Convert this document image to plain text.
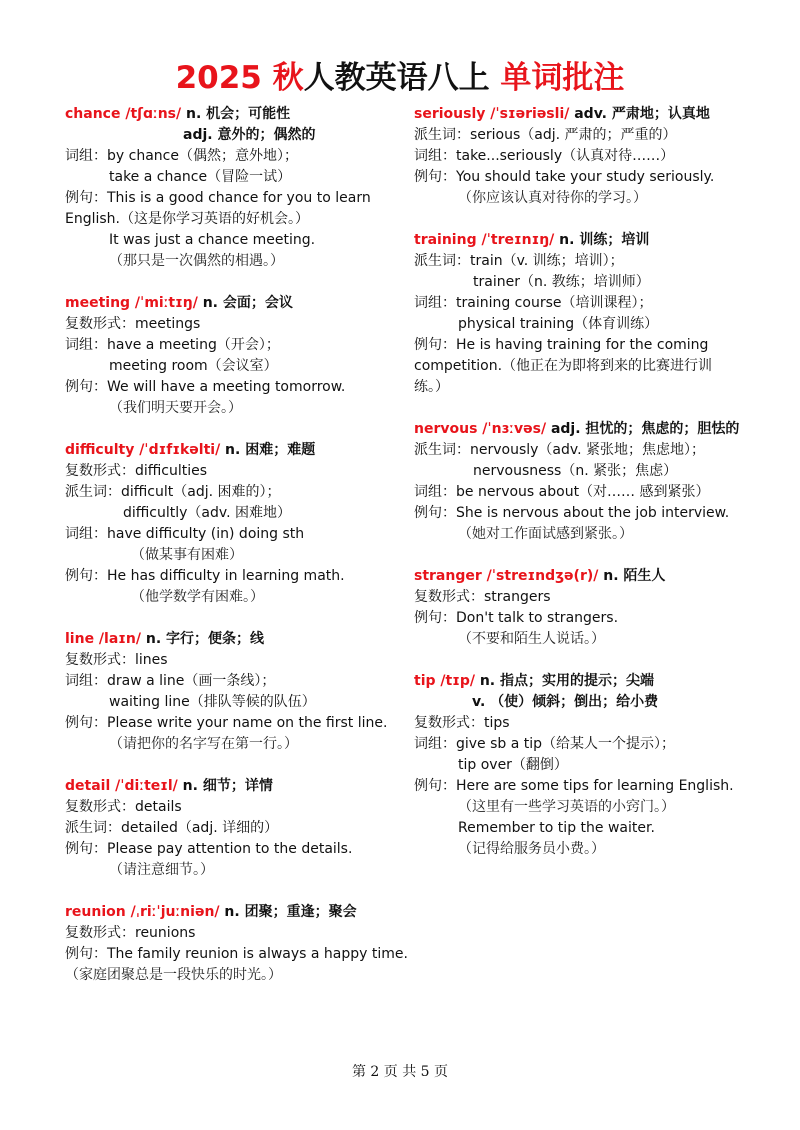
2025 秋人教英语八上 单词批注
chance /tʃɑːns/ n. 机会；可能性
adj. 意外的；偶然的
词组：by chance（偶然；意外地）；
take a chance（冒险一试）
例句：This is a good chance for you to learn
English.（这是你学习英语的好机会。）
It was just a chance meeting.
（那只是一次偶然的相遇。）
meeting /ˈmiːtɪŋ/ n. 会面；会议
复数形式：meetings
词组：have a meeting（开会）；
meeting room（会议室）
例句：We will have a meeting tomorrow.
（我们明天要开会。）
difficulty /ˈdɪfɪkəlti/ n. 困难；难题
复数形式：difficulties
派生词：difficult（adj. 困难的）；
difficultly（adv. 困难地）
词组：have difficulty (in) doing sth
（做某事有困难）
例句：He has difficulty in learning math.
（他学数学有困难。）
line /laɪn/ n. 字行；便条；线
复数形式：lines
词组：draw a line（画一条线）；
waiting line（排队等候的队伍）
例句：Please write your name on the first line.
（请把你的名字写在第一行。）
detail /ˈdiːteɪl/ n. 细节；详情
复数形式：details
派生词：detailed（adj. 详细的）
例句：Please pay attention to the details.
（请注意细节。）
reunion /ˌriːˈjuːniən/ n. 团聚；重逢；聚会
复数形式：reunions
例句：The family reunion is always a happy time.
（家庭团聚总是一段快乐的时光。）
seriously /ˈsɪəriəsli/ adv. 严肃地；认真地
派生词：serious（adj. 严肃的；严重的）
词组：take...seriously（认真对待……）
例句：You should take your study seriously.
（你应该认真对待你的学习。）
training /ˈtreɪnɪŋ/ n. 训练；培训
派生词：train（v. 训练；培训）；
trainer（n. 教练；培训师）
词组：training course（培训课程）；
physical training（体育训练）
例句：He is having training for the coming
competition.（他正在为即将到来的比赛进行训
练。）
nervous /ˈnɜːvəs/ adj. 担忧的；焦虑的；胆怯的
派生词：nervously（adv. 紧张地；焦虑地）；
nervousness（n. 紧张；焦虑）
词组：be nervous about（对…… 感到紧张）
例句：She is nervous about the job interview.
（她对工作面试感到紧张。）
stranger /ˈstreɪndʒə(r)/ n. 陌生人
复数形式：strangers
例句：Don't talk to strangers.
（不要和陌生人说话。）
tip /tɪp/ n. 指点；实用的提示；尖端
v. （使）倾斜；倒出；给小费
复数形式：tips
词组：give sb a tip（给某人一个提示）；
tip over（翻倒）
例句：Here are some tips for learning English.
（这里有一些学习英语的小窍门。）
Remember to tip the waiter.
（记得给服务员小费。）
第 2 页 共 5 页
